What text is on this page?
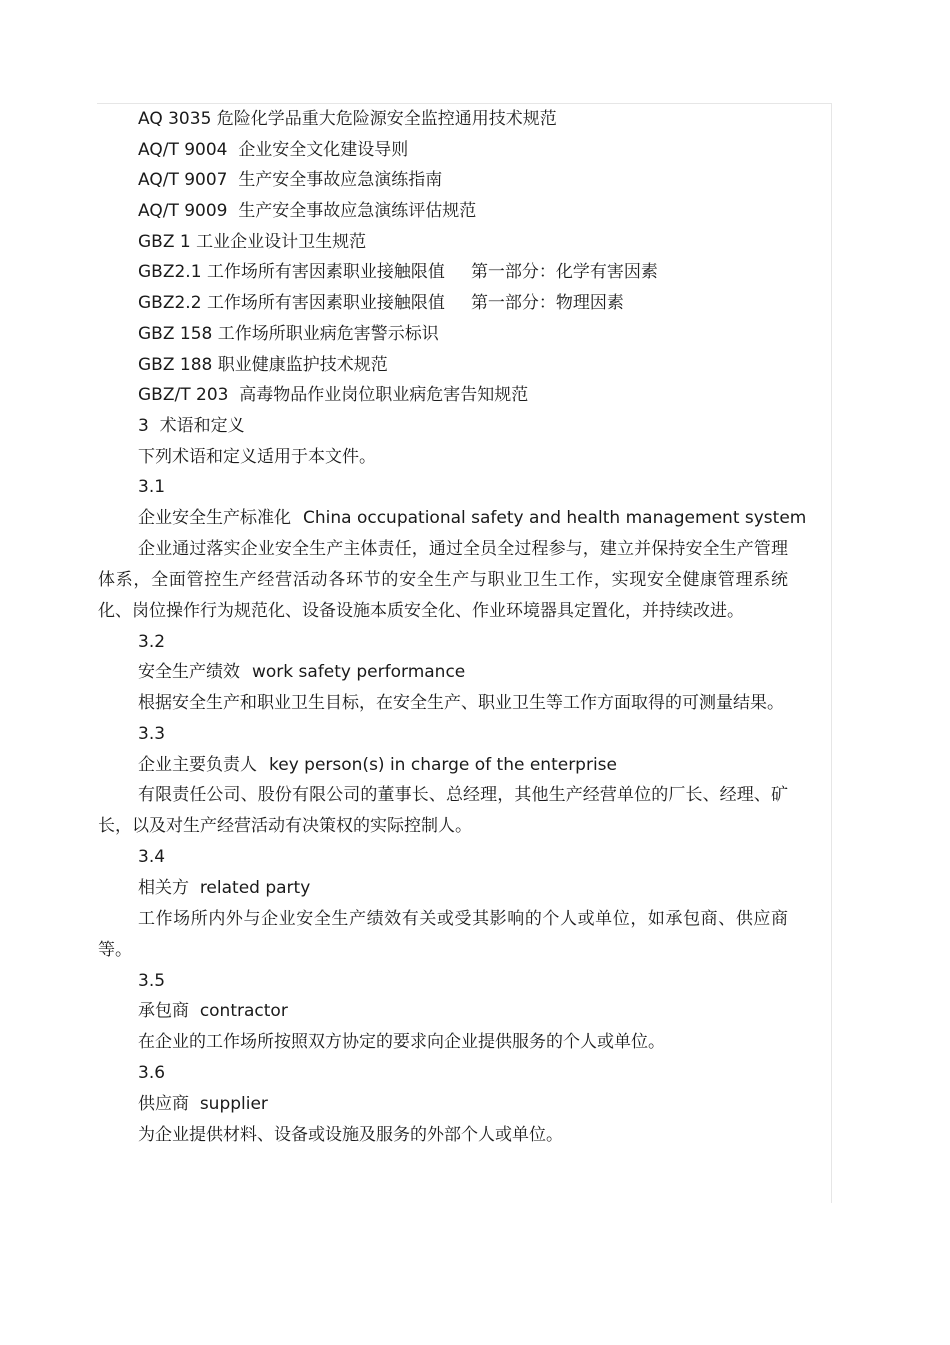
AQ 3035 危险化学品重大危险源安全监控通用技术规范
AQ/T 9004 企业安全文化建设导则
AQ/T 9007 生产安全事故应急演练指南
AQ/T 9009 生产安全事故应急演练评估规范
GBZ 1 工业企业设计卫生规范
GBZ2.1 工作场所有害因素职业接触限值 第一部分：化学有害因素
GBZ2.2 工作场所有害因素职业接触限值 第一部分：物理因素
GBZ 158 工作场所职业病危害警示标识
GBZ 188 职业健康监护技术规范
GBZ/T 203 高毒物品作业岗位职业病危害告知规范
3 术语和定义
下列术语和定义适用于本文件。
3.1
企业安全生产标准化 China occupational safety and health management system
企业通过落实企业安全生产主体责任，通过全员全过程参与，建立并保持安全生产管理体系，全面管控生产经营活动各环节的安全生产与职业卫生工作，实现安全健康管理系统化、岗位操作行为规范化、设备设施本质安全化、作业环境器具定置化，并持续改进。
3.2
安全生产绩效 work safety performance
根据安全生产和职业卫生目标，在安全生产、职业卫生等工作方面取得的可测量结果。
3.3
企业主要负责人 key person(s) in charge of the enterprise
有限责任公司、股份有限公司的董事长、总经理，其他生产经营单位的厂长、经理、矿长，以及对生产经营活动有决策权的实际控制人。
3.4
相关方 related party
工作场所内外与企业安全生产绩效有关或受其影响的个人或单位，如承包商、供应商等。
3.5
承包商 contractor
在企业的工作场所按照双方协定的要求向企业提供服务的个人或单位。
3.6
供应商 supplier
为企业提供材料、设备或设施及服务的外部个人或单位。
